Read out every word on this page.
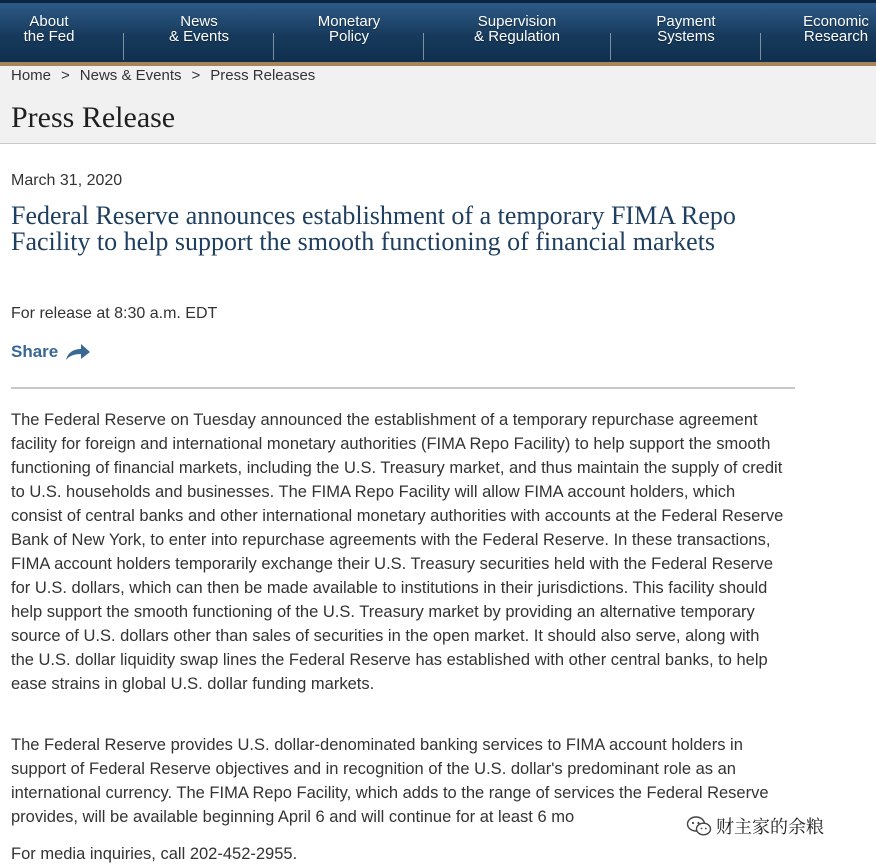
About
the Fed
News
& Events
Monetary
Policy
Supervision
& Regulation
Payment
Systems
Economic
Research
Home > News & Events > Press Releases
Press Release
March 31, 2020
Federal Reserve announces establishment of a temporary FIMA Repo Facility to help support the smooth functioning of financial markets
For release at 8:30 a.m. EDT
Share

The Federal Reserve on Tuesday announced the establishment of a temporary repurchase agreement facility for foreign and international monetary authorities (FIMA Repo Facility) to help support the smooth functioning of financial markets, including the U.S. Treasury market, and thus maintain the supply of credit to U.S. households and businesses. The FIMA Repo Facility will allow FIMA account holders, which consist of central banks and other international monetary authorities with accounts at the Federal Reserve Bank of New York, to enter into repurchase agreements with the Federal Reserve. In these transactions, FIMA account holders temporarily exchange their U.S. Treasury securities held with the Federal Reserve for U.S. dollars, which can then be made available to institutions in their jurisdictions. This facility should help support the smooth functioning of the U.S. Treasury market by providing an alternative temporary source of U.S. dollars other than sales of securities in the open market. It should also serve, along with the U.S. dollar liquidity swap lines the Federal Reserve has established with other central banks, to help ease strains in global U.S. dollar funding markets.

The Federal Reserve provides U.S. dollar-denominated banking services to FIMA account holders in support of Federal Reserve objectives and in recognition of the U.S. dollar's predominant role as an international currency. The FIMA Repo Facility, which adds to the range of services the Federal Reserve provides, will be available beginning April 6 and will continue for at least 6 mo

For media inquiries, call 202-452-2955.

财主家的余粮
